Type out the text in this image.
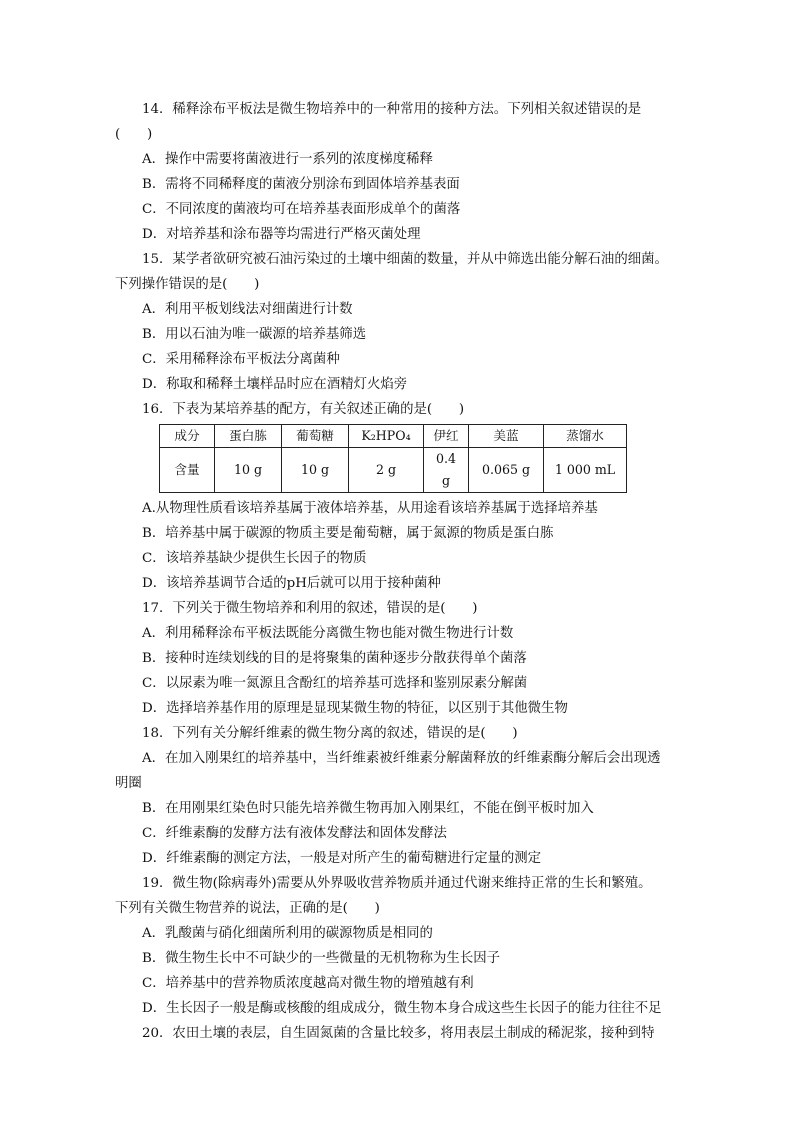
14．稀释涂布平板法是微生物培养中的一种常用的接种方法。下列相关叙述错误的是
(　　)
A．操作中需要将菌液进行一系列的浓度梯度稀释
B．需将不同稀释度的菌液分别涂布到固体培养基表面
C．不同浓度的菌液均可在培养基表面形成单个的菌落
D．对培养基和涂布器等均需进行严格灭菌处理
15．某学者欲研究被石油污染过的土壤中细菌的数量，并从中筛选出能分解石油的细菌。
下列操作错误的是(　　)
A．利用平板划线法对细菌进行计数
B．用以石油为唯一碳源的培养基筛选
C．采用稀释涂布平板法分离菌种
D．称取和稀释土壤样品时应在酒精灯火焰旁
16．下表为某培养基的配方，有关叙述正确的是(　　)
成分	蛋白胨	葡萄糖	K₂HPO₄	伊红	美蓝	蒸馏水
含量	10 g	10 g	2 g	0.4 g	0.065 g	1 000 mL
A.从物理性质看该培养基属于液体培养基，从用途看该培养基属于选择培养基
B．培养基中属于碳源的物质主要是葡萄糖，属于氮源的物质是蛋白胨
C．该培养基缺少提供生长因子的物质
D．该培养基调节合适的pH后就可以用于接种菌种
17．下列关于微生物培养和利用的叙述，错误的是(　　)
A．利用稀释涂布平板法既能分离微生物也能对微生物进行计数
B．接种时连续划线的目的是将聚集的菌种逐步分散获得单个菌落
C．以尿素为唯一氮源且含酚红的培养基可选择和鉴别尿素分解菌
D．选择培养基作用的原理是显现某微生物的特征，以区别于其他微生物
18．下列有关分解纤维素的微生物分离的叙述，错误的是(　　)
A．在加入刚果红的培养基中，当纤维素被纤维素分解菌释放的纤维素酶分解后会出现透
明圈
B．在用刚果红染色时只能先培养微生物再加入刚果红，不能在倒平板时加入
C．纤维素酶的发酵方法有液体发酵法和固体发酵法
D．纤维素酶的测定方法，一般是对所产生的葡萄糖进行定量的测定
19．微生物(除病毒外)需要从外界吸收营养物质并通过代谢来维持正常的生长和繁殖。
下列有关微生物营养的说法，正确的是(　　)
A．乳酸菌与硝化细菌所利用的碳源物质是相同的
B．微生物生长中不可缺少的一些微量的无机物称为生长因子
C．培养基中的营养物质浓度越高对微生物的增殖越有利
D．生长因子一般是酶或核酸的组成成分，微生物本身合成这些生长因子的能力往往不足
20．农田土壤的表层，自生固氮菌的含量比较多，将用表层土制成的稀泥浆，接种到特
